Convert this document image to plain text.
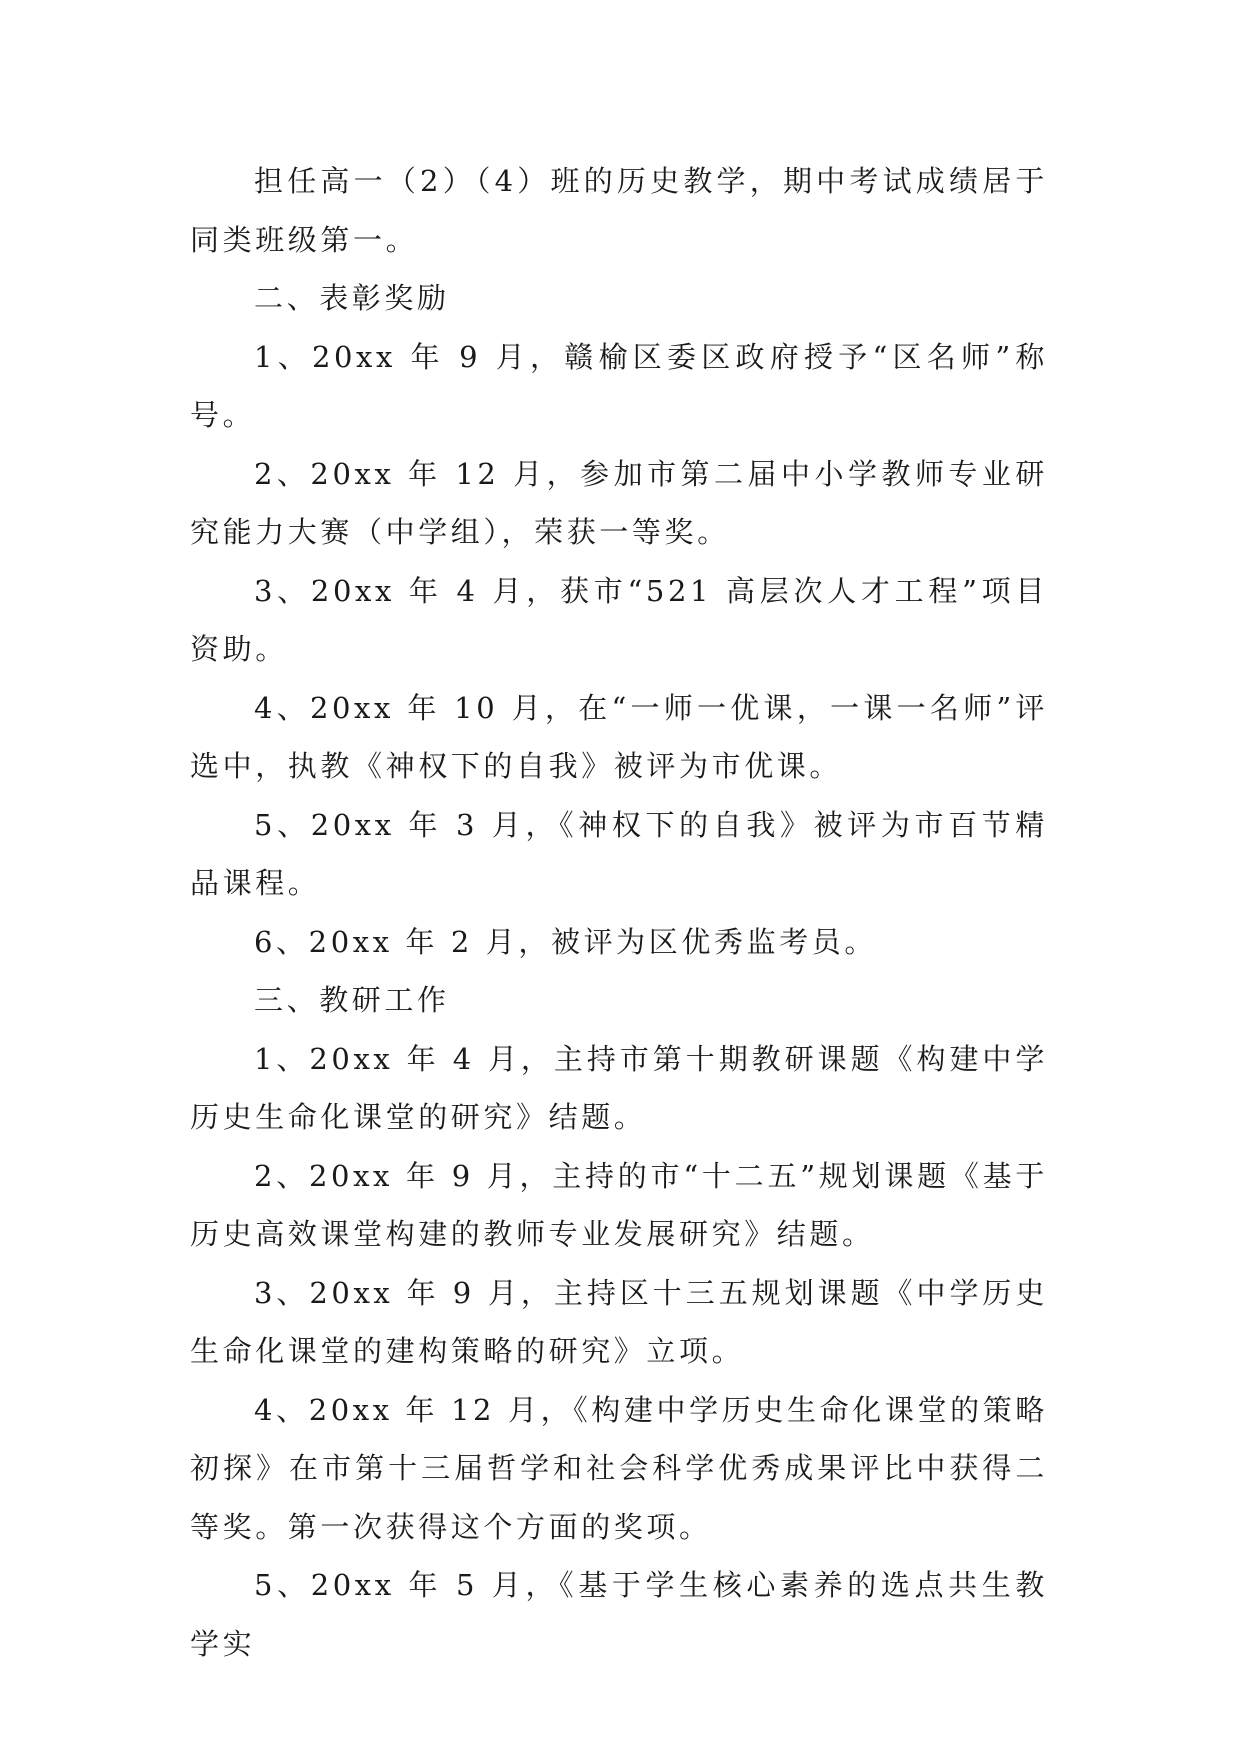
担任高一（2）（4）班的历史教学，期中考试成绩居于同类班级第一。

二、表彰奖励

1、20xx 年 9 月，赣榆区委区政府授予“区名师”称号。

2、20xx 年 12 月，参加市第二届中小学教师专业研究能力大赛（中学组），荣获一等奖。

3、20xx 年 4 月，获市“521 高层次人才工程”项目资助。

4、20xx 年 10 月，在“一师一优课，一课一名师”评选中，执教《神权下的自我》被评为市优课。

5、20xx 年 3 月，《神权下的自我》被评为市百节精品课程。

6、20xx 年 2 月，被评为区优秀监考员。

三、教研工作

1、20xx 年 4 月，主持市第十期教研课题《构建中学历史生命化课堂的研究》结题。

2、20xx 年 9 月，主持的市“十二五”规划课题《基于历史高效课堂构建的教师专业发展研究》结题。

3、20xx 年 9 月，主持区十三五规划课题《中学历史生命化课堂的建构策略的研究》立项。

4、20xx 年 12 月，《构建中学历史生命化课堂的策略初探》在市第十三届哲学和社会科学优秀成果评比中获得二等奖。第一次获得这个方面的奖项。

5、20xx 年 5 月，《基于学生核心素养的选点共生教学实
